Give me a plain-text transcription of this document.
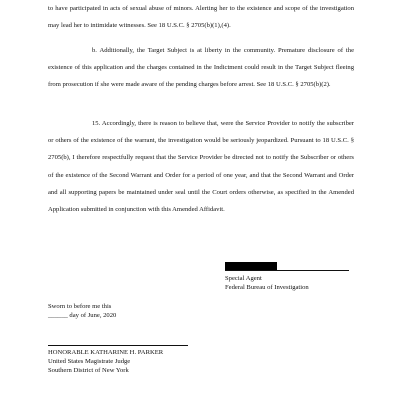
to have participated in acts of sexual abuse of minors. Alerting her to the existence and scope of the investigation may lead her to intimidate witnesses. See 18 U.S.C. § 2705(b)(1),(4).

b. Additionally, the Target Subject is at liberty in the community. Premature disclosure of the existence of this application and the charges contained in the Indictment could result in the Target Subject fleeing from prosecution if she were made aware of the pending charges before arrest. See 18 U.S.C. § 2705(b)(2).

15. Accordingly, there is reason to believe that, were the Service Provider to notify the subscriber or others of the existence of the warrant, the investigation would be seriously jeopardized. Pursuant to 18 U.S.C. § 2705(b), I therefore respectfully request that the Service Provider be directed not to notify the Subscriber or others of the existence of the Second Warrant and Order for a period of one year, and that the Second Warrant and Order and all supporting papers be maintained under seal until the Court orders otherwise, as specified in the Amended Application submitted in conjunction with this Amended Affidavit.

Special Agent
Federal Bureau of Investigation
Sworn to before me this
______ day of June, 2020
HONORABLE KATHARINE H. PARKER
United States Magistrate Judge
Southern District of New York
